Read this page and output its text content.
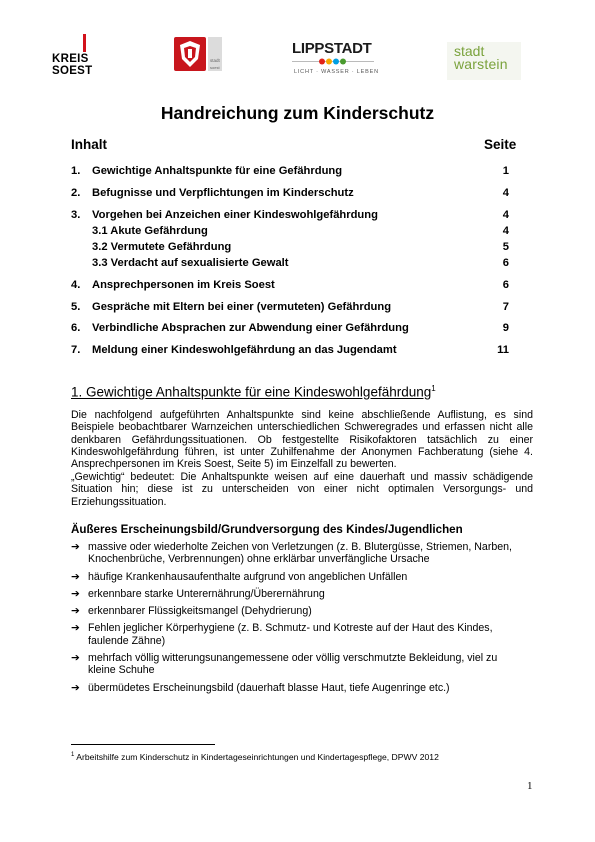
KREIS
SOEST
stadt
soest
LIPPSTADT
LICHT · WASSER · LEBEN
stadt
warstein
Handreichung zum Kinderschutz
Inhalt	Seite
1. Gewichtige Anhaltspunkte für eine Gefährdung	1
2. Befugnisse und Verpflichtungen im Kinderschutz	4
3. Vorgehen bei Anzeichen einer Kindeswohlgefährdung	4
3.1 Akute Gefährdung	4
3.2 Vermutete Gefährdung	5
3.3 Verdacht auf sexualisierte Gewalt	6
4. Ansprechpersonen im Kreis Soest	6
5. Gespräche mit Eltern bei einer (vermuteten) Gefährdung	7
6. Verbindliche Absprachen zur Abwendung einer Gefährdung	9
7. Meldung einer Kindeswohlgefährdung an das Jugendamt	11
1. Gewichtige Anhaltspunkte für eine Kindeswohlgefährdung$^1$
Die nachfolgend aufgeführten Anhaltspunkte sind keine abschließende Auflistung, es sind
Beispiele beobachtbarer Warnzeichen unterschiedlichen Schweregrades und erfassen nicht alle
denkbaren Gefährdungssituationen. Ob festgestellte Risikofaktoren tatsächlich zu einer
Kindeswohlgefährdung führen, ist unter Zuhilfenahme der Anonymen Fachberatung (siehe 4.
Ansprechpersonen im Kreis Soest, Seite 5) im Einzelfall zu bewerten.
„Gewichtig“ bedeutet: Die Anhaltspunkte weisen auf eine dauerhaft und massiv schädigende
Situation hin; diese ist zu unterscheiden von einer nicht optimalen Versorgungs- und
Erziehungssituation.
Äußeres Erscheinungsbild/Grundversorgung des Kindes/Jugendlichen
➔ massive oder wiederholte Zeichen von Verletzungen (z. B. Blutergüsse, Striemen, Narben,
Knochenbrüche, Verbrennungen) ohne erklärbar unverfängliche Ursache
➔ häufige Krankenhausaufenthalte aufgrund von angeblichen Unfällen
➔ erkennbare starke Unterernährung/Überernährung
➔ erkennbarer Flüssigkeitsmangel (Dehydrierung)
➔ Fehlen jeglicher Körperhygiene (z. B. Schmutz- und Kotreste auf der Haut des Kindes,
faulende Zähne)
➔ mehrfach völlig witterungsunangemessene oder völlig verschmutzte Bekleidung, viel zu
kleine Schuhe
➔ übermüdetes Erscheinungsbild (dauerhaft blasse Haut, tiefe Augenringe etc.)
$^1$ Arbeitshilfe zum Kinderschutz in Kindertageseinrichtungen und Kindertagespflege, DPWV 2012
1
